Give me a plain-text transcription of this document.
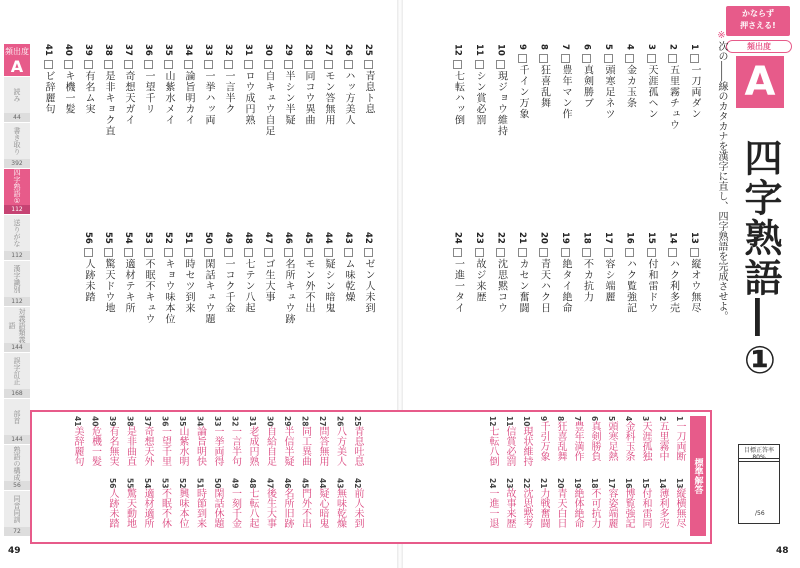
頻出度
A
読み
44
書き取り
392
四字熟語①
112
送りがな
112
漢字識別
112
対義語類義語
144
誤字訂正
168
部首
144
熟語の構成
56
同音同訓
72
1一刀両ダン
2五里霧チュウ
3天涯孤ヘン
4金カ玉条
5頭寒足ネツ
6真剣勝ブ
7豊年マン作
8狂喜乱舞
9千イン万象
10現ジョウ維持
11シン賞必罰
12七転ハッ倒
25青息ト息
26ハッ方美人
27モン答無用
28同コウ異曲
29半シン半疑
30自キュウ自足
31ロウ成円熟
32一言半ク
33一挙ハッ両
34論旨明カイ
35山紫水メイ
36一望千リ
37奇想天ガイ
38是非キョク直
39有名ム実
40キ機一髪
41ビ辞麗句
13縦オウ無尽
14ハク利多売
15付和雷ドウ
16ハク覧強記
17容シ端麗
18不カ抗力
19絶タイ絶命
20青天ハク日
21カセン奮闘
22沈思黙コウ
23故ジ来歴
24一進一タイ
42ゼン人未到
43ム味乾燥
44疑シン暗鬼
45モン外不出
46名所キュウ跡
47ゴ生大事
48七テン八起
49一コク千金
50閑話キュウ題
51時セツ到来
52キョウ味本位
53不眠不キュウ
54適材テキ所
55驚天ドウ地
56人跡未踏
1一刀両断
2五里霧中
3天涯孤独
4金科玉条
5頭寒足熱
6真剣勝負
7豊年満作
8狂喜乱舞
9千引万象
10現状維持
11信賞必罰
12七転八倒
13縦横無尽
14薄利多売
15付和雷同
16博覧強記
17容姿端麗
18不可抗力
19絶体絶命
20青天白日
21力戦奮闘
22沈思黙考
23故事来歴
24一進一退
25青息吐息
26八方美人
27問答無用
28同工異曲
29半信半疑
30自給自足
31老成円熟
32一言半句
33一挙両得
34論旨明快
35山紫水明
36一望千里
37奇想天外
38是非曲直
39有名無実
40危機一髪
41美辞麗句
42前人未到
43無味乾燥
44疑心暗鬼
45門外不出
46名所旧跡
47後生大事
48七転八起
49一刻千金
50閑話休題
51時節到来
52興味本位
53不眠不休
54適材適所
55驚天動地
56人跡未踏
標準解答
かならず
押さえる!
頻出度
A
四字熟語―①
※次の――線のカタカナを漢字に直し、四字熟語を完成させよ。
目標正答率
80%
/56
49	48
